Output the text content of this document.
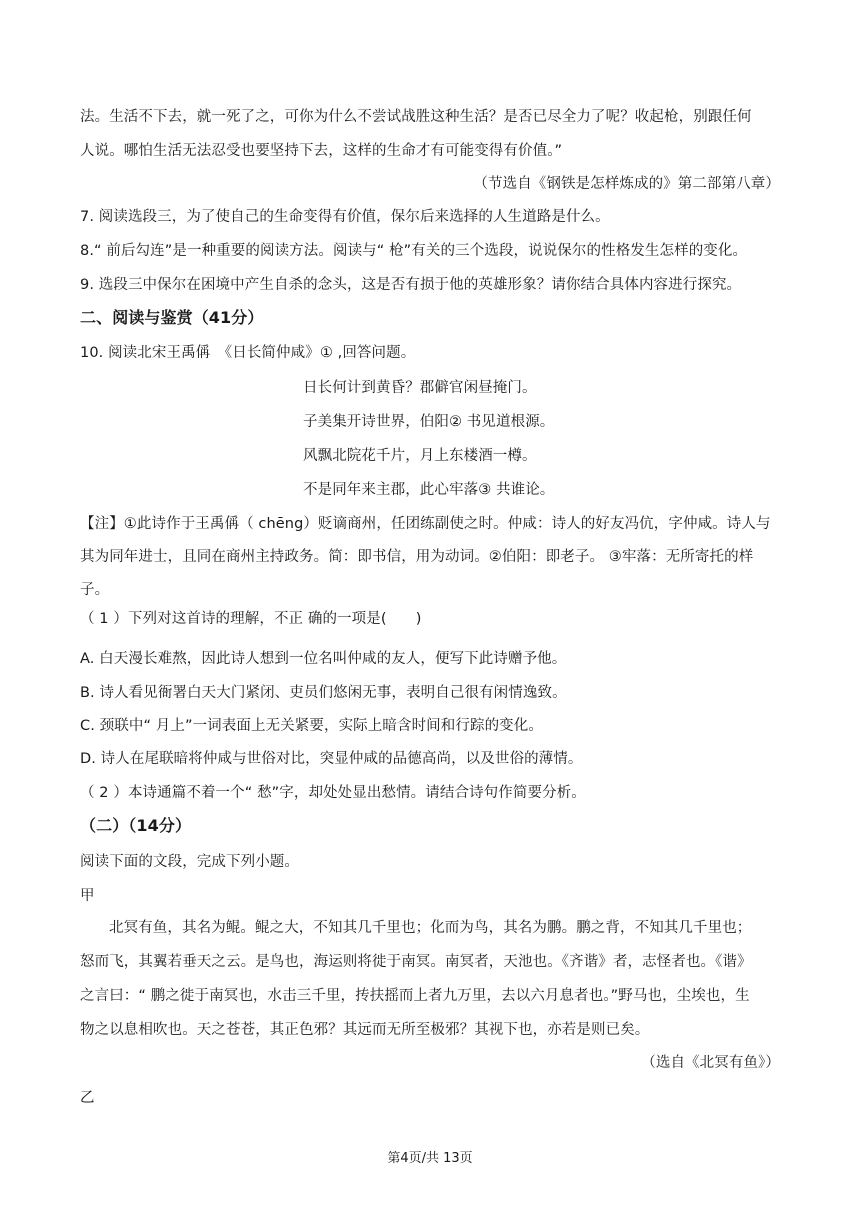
法。生活不下去，就一死了之，可你为什么不尝试战胜这种生活？是否已尽全力了呢？收起枪，别跟任何
人说。哪怕生活无法忍受也要坚持下去，这样的生命才有可能变得有价值。”
（节选自《钢铁是怎样炼成的》第二部第八章）
7. 阅读选段三，为了使自己的生命变得有价值，保尔后来选择的人生道路是什么。
8.“ 前后勾连”是一种重要的阅读方法。阅读与“ 枪”有关的三个选段，说说保尔的性格发生怎样的变化。
9. 选段三中保尔在困境中产生自杀的念头，这是否有损于他的英雄形象？请你结合具体内容进行探究。
二、阅读与鉴赏（41分）
10. 阅读北宋王禹偁　《日长简仲咸》① ,回答问题。
日长何计到黄昏？郡僻官闲昼掩门。
子美集开诗世界，伯阳② 书见道根源。
风飘北院花千片，月上东楼酒一樽。
不是同年来主郡，此心牢落③ 共谁论。
【注】①此诗作于王禹偁（ chēng）贬谪商州，任团练副使之时。仲咸：诗人的好友冯伉，字仲咸。诗人与
其为同年进士，且同在商州主持政务。简：即书信，用为动词。②伯阳：即老子。 ③牢落：无所寄托的样
子。
（ 1 ）下列对这首诗的理解，不正 确的一项是(　　)
A. 白天漫长难熬，因此诗人想到一位名叫仲咸的友人，便写下此诗赠予他。
B. 诗人看见衙署白天大门紧闭、吏员们悠闲无事，表明自己很有闲情逸致。
C. 颈联中“ 月上”一词表面上无关紧要，实际上暗含时间和行踪的变化。
D. 诗人在尾联暗将仲咸与世俗对比，突显仲咸的品德高尚，以及世俗的薄情。
（ 2 ）本诗通篇不着一个“ 愁”字，却处处显出愁情。请结合诗句作简要分析。
（二）（14分）
阅读下面的文段，完成下列小题。
甲
北冥有鱼，其名为鲲。鲲之大，不知其几千里也；化而为鸟，其名为鹏。鹏之背，不知其几千里也；
怒而飞，其翼若垂天之云。是鸟也，海运则将徙于南冥。南冥者，天池也。《齐谐》者，志怪者也。《谐》
之言曰：“ 鹏之徙于南冥也，水击三千里，抟扶摇而上者九万里，去以六月息者也。”野马也，尘埃也，生
物之以息相吹也。天之苍苍，其正色邪？其远而无所至极邪？其视下也，亦若是则已矣。
（选自《北冥有鱼》）
乙
第4页/共 13页
